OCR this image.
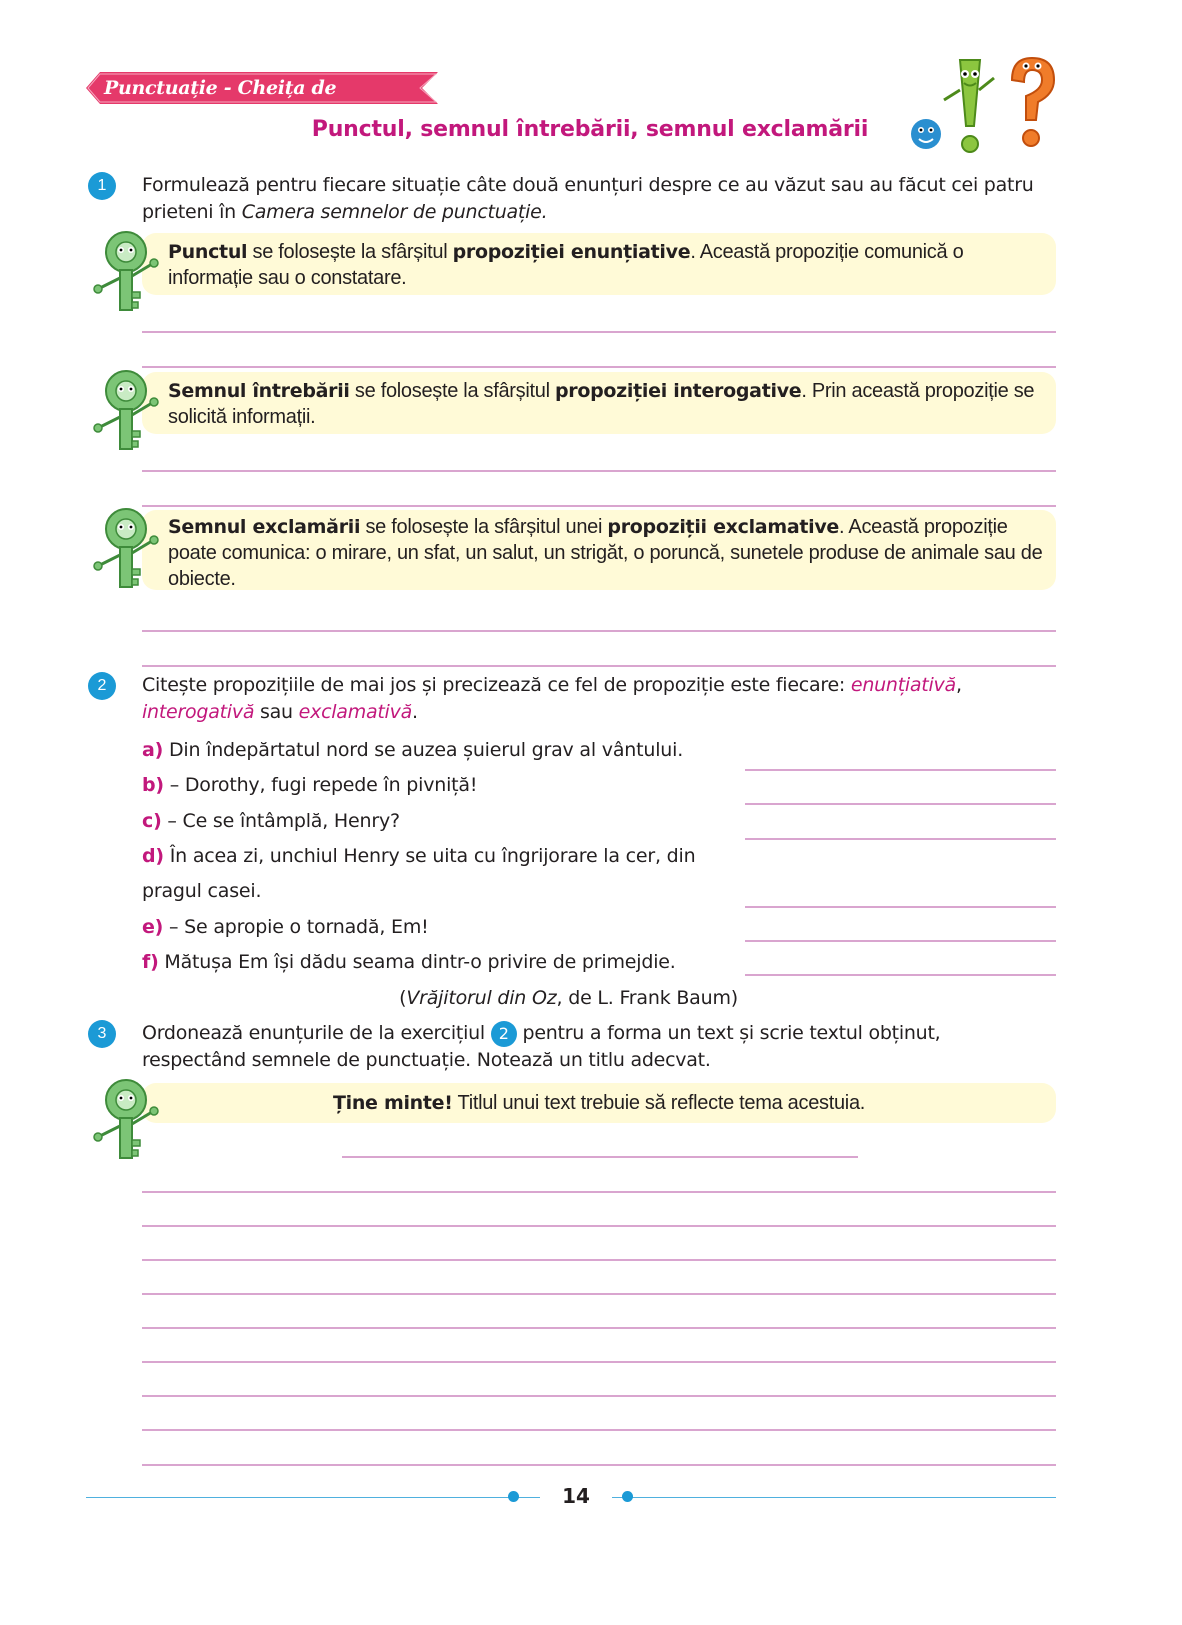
Punctuație - Cheița de smarald	Punctul, semnul întrebării, semnul exclamării
1	Formulează pentru fiecare situație câte două enunțuri despre ce au văzut sau au făcut cei patru
prieteni în Camera semnelor de punctuație.
Punctul se folosește la sfârșitul propoziției enunțiative. Această propoziție comunică o informație sau o constatare.
Semnul întrebării se folosește la sfârșitul propoziției interogative. Prin această propoziție se solicită informații.
Semnul exclamării se folosește la sfârșitul unei propoziții exclamative. Această propoziție poate comunica: o mirare, un sfat, un salut, un strigăt, o poruncă, sunetele produse de animale sau de obiecte.
2	Citește propozițiile de mai jos și precizează ce fel de propoziție este fiecare: enunțiativă,
interogativă sau exclamativă.
a) Din îndepărtatul nord se auzea șuierul grav al vântului.
b) – Dorothy, fugi repede în pivniță!
c) – Ce se întâmplă, Henry?
d) În acea zi, unchiul Henry se uita cu îngrijorare la cer, din
pragul casei.
e) – Se apropie o tornadă, Em!
f) Mătușa Em își dădu seama dintr-o privire de primejdie.
(Vrăjitorul din Oz, de L. Frank Baum)
3	Ordonează enunțurile de la exercițiul 2 pentru a forma un text și scrie textul obținut,
respectând semnele de punctuație. Notează un titlu adecvat.
Ține minte! Titlul unui text trebuie să reflecte tema acestuia.
14
